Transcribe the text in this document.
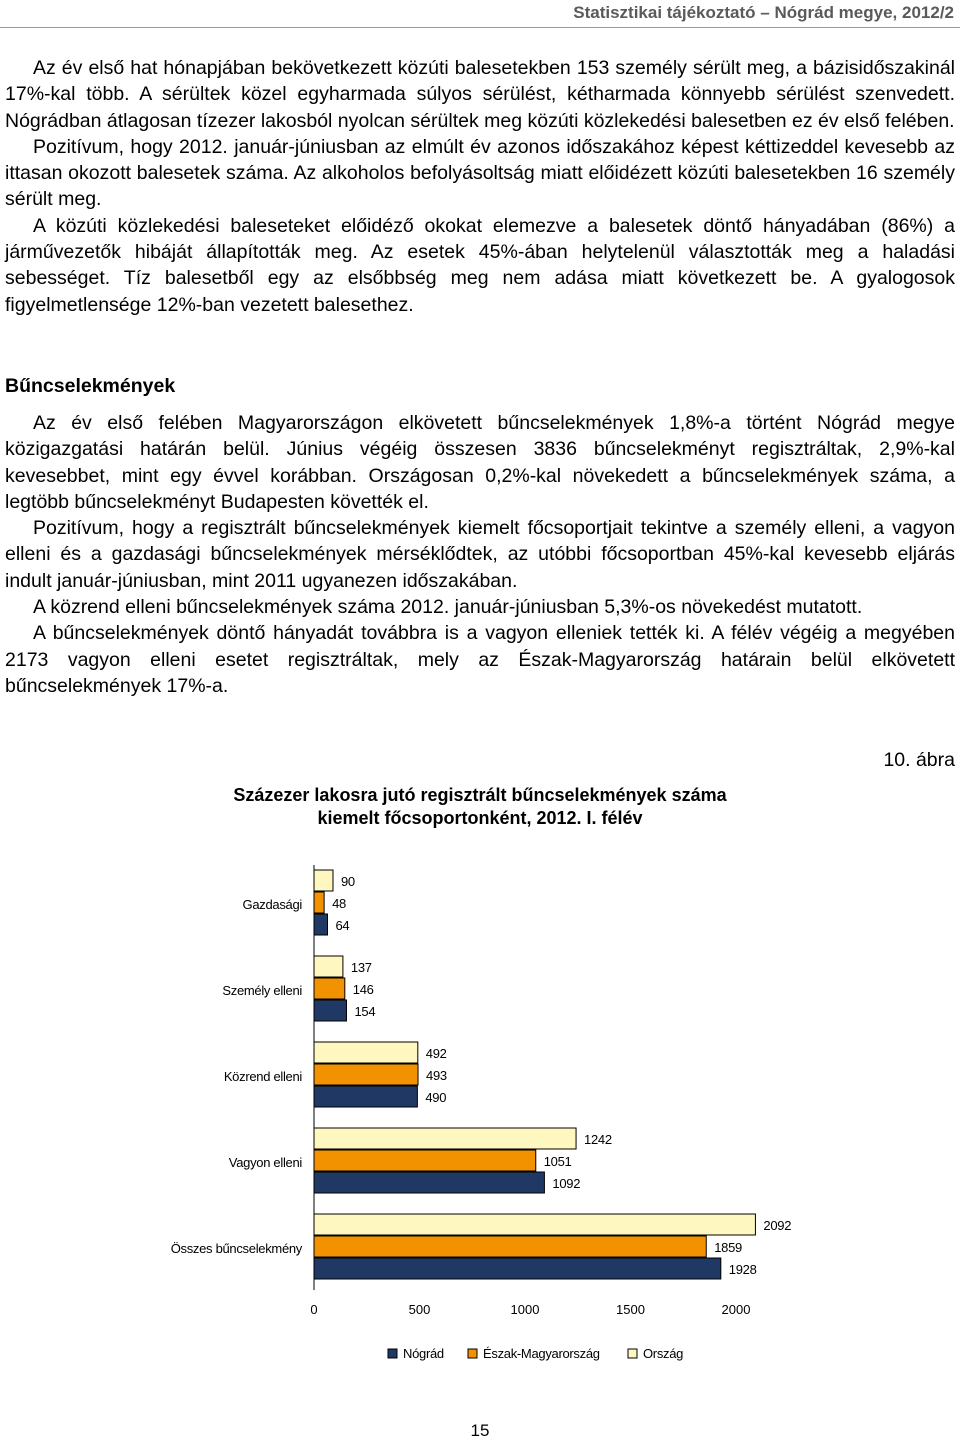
Statisztikai tájékoztató – Nógrád megye, 2012/2

Az év első hat hónapjában bekövetkezett közúti balesetekben 153 személy sérült meg, a bázisidőszakinál 17%-kal több. A sérültek közel egyharmada súlyos sérülést, kétharmada könnyebb sérülést szenvedett. Nógrádban átlagosan tízezer lakosból nyolcan sérültek meg közúti közlekedési balesetben ez év első felében.

Pozitívum, hogy 2012. január-júniusban az elmúlt év azonos időszakához képest kéttizeddel kevesebb az ittasan okozott balesetek száma. Az alkoholos befolyásoltság miatt előidézett közúti balesetekben 16 személy sérült meg.

A közúti közlekedési baleseteket előidéző okokat elemezve a balesetek döntő hányadában (86%) a járművezetők hibáját állapították meg. Az esetek 45%-ában helytelenül választották meg a haladási sebességet. Tíz balesetből egy az elsőbbség meg nem adása miatt következett be. A gyalogosok figyelmetlensége 12%-ban vezetett balesethez.

Bűncselekmények

Az év első felében Magyarországon elkövetett bűncselekmények 1,8%-a történt Nógrád megye közigazgatási határán belül. Június végéig összesen 3836 bűncselekményt regisztráltak, 2,9%-kal kevesebbet, mint egy évvel korábban. Országosan 0,2%-kal növekedett a bűncselekmények száma, a legtöbb bűncselekményt Budapesten követték el.

Pozitívum, hogy a regisztrált bűncselekmények kiemelt főcsoportjait tekintve a személy elleni, a vagyon elleni és a gazdasági bűncselekmények mérséklődtek, az utóbbi főcsoportban 45%-kal kevesebb eljárás indult január-júniusban, mint 2011 ugyanezen időszakában.

A közrend elleni bűncselekmények száma 2012. január-júniusban 5,3%-os növekedést mutatott.

A bűncselekmények döntő hányadát továbbra is a vagyon elleniek tették ki. A félév végéig a megyében 2173 vagyon elleni esetet regisztráltak, mely az Észak-Magyarország határain belül elkövetett bűncselekmények 17%-a.

10. ábra
Százezer lakosra jutó regisztrált bűncselekmények száma
kiemelt főcsoportonként, 2012. I. félév
Gazdasági
90
48
64
Személy elleni
137
146
154
Közrend elleni
492
493
490
Vagyon elleni
1242
1051
1092
Összes bűncselekmény
2092
1859
1928
0	500	1000	1500	2000
Nógrád	Észak-Magyarország	Ország
15
